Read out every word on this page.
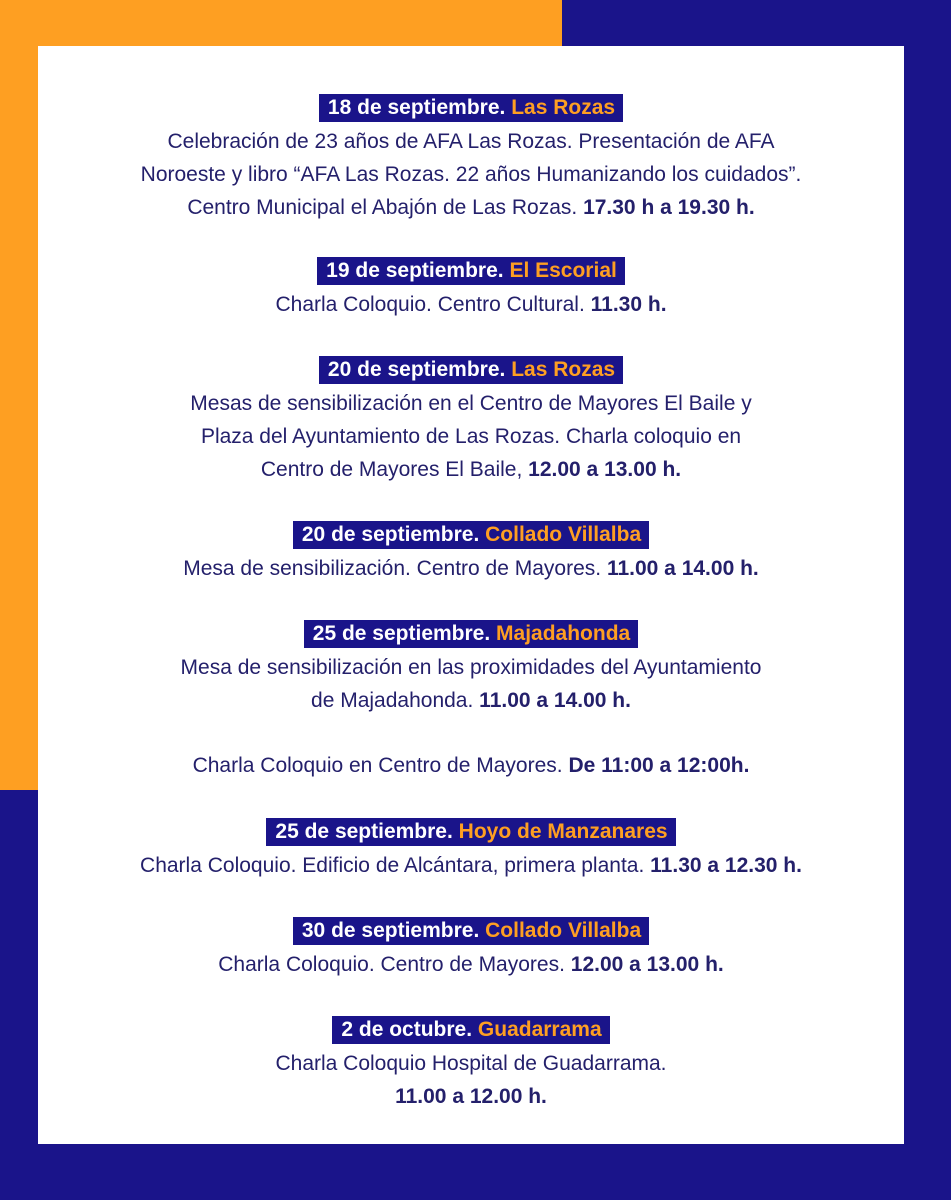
18 de septiembre. Las Rozas
Celebración de 23 años de AFA Las Rozas. Presentación de AFA
Noroeste y libro “AFA Las Rozas. 22 años Humanizando los cuidados”.
Centro Municipal el Abajón de Las Rozas. 17.30 h a 19.30 h.
19 de septiembre. El Escorial
Charla Coloquio. Centro Cultural. 11.30 h.
20 de septiembre. Las Rozas
Mesas de sensibilización en el Centro de Mayores El Baile y
Plaza del Ayuntamiento de Las Rozas. Charla coloquio en
Centro de Mayores El Baile, 12.00 a 13.00 h.
20 de septiembre. Collado Villalba
Mesa de sensibilización. Centro de Mayores. 11.00 a 14.00 h.
25 de septiembre. Majadahonda
Mesa de sensibilización en las proximidades del Ayuntamiento
de Majadahonda. 11.00 a 14.00 h.
Charla Coloquio en Centro de Mayores. De 11:00 a 12:00h.
25 de septiembre. Hoyo de Manzanares
Charla Coloquio. Edificio de Alcántara, primera planta. 11.30 a 12.30 h.
30 de septiembre. Collado Villalba
Charla Coloquio. Centro de Mayores. 12.00 a 13.00 h.
2 de octubre. Guadarrama
Charla Coloquio Hospital de Guadarrama.
11.00 a 12.00 h.
